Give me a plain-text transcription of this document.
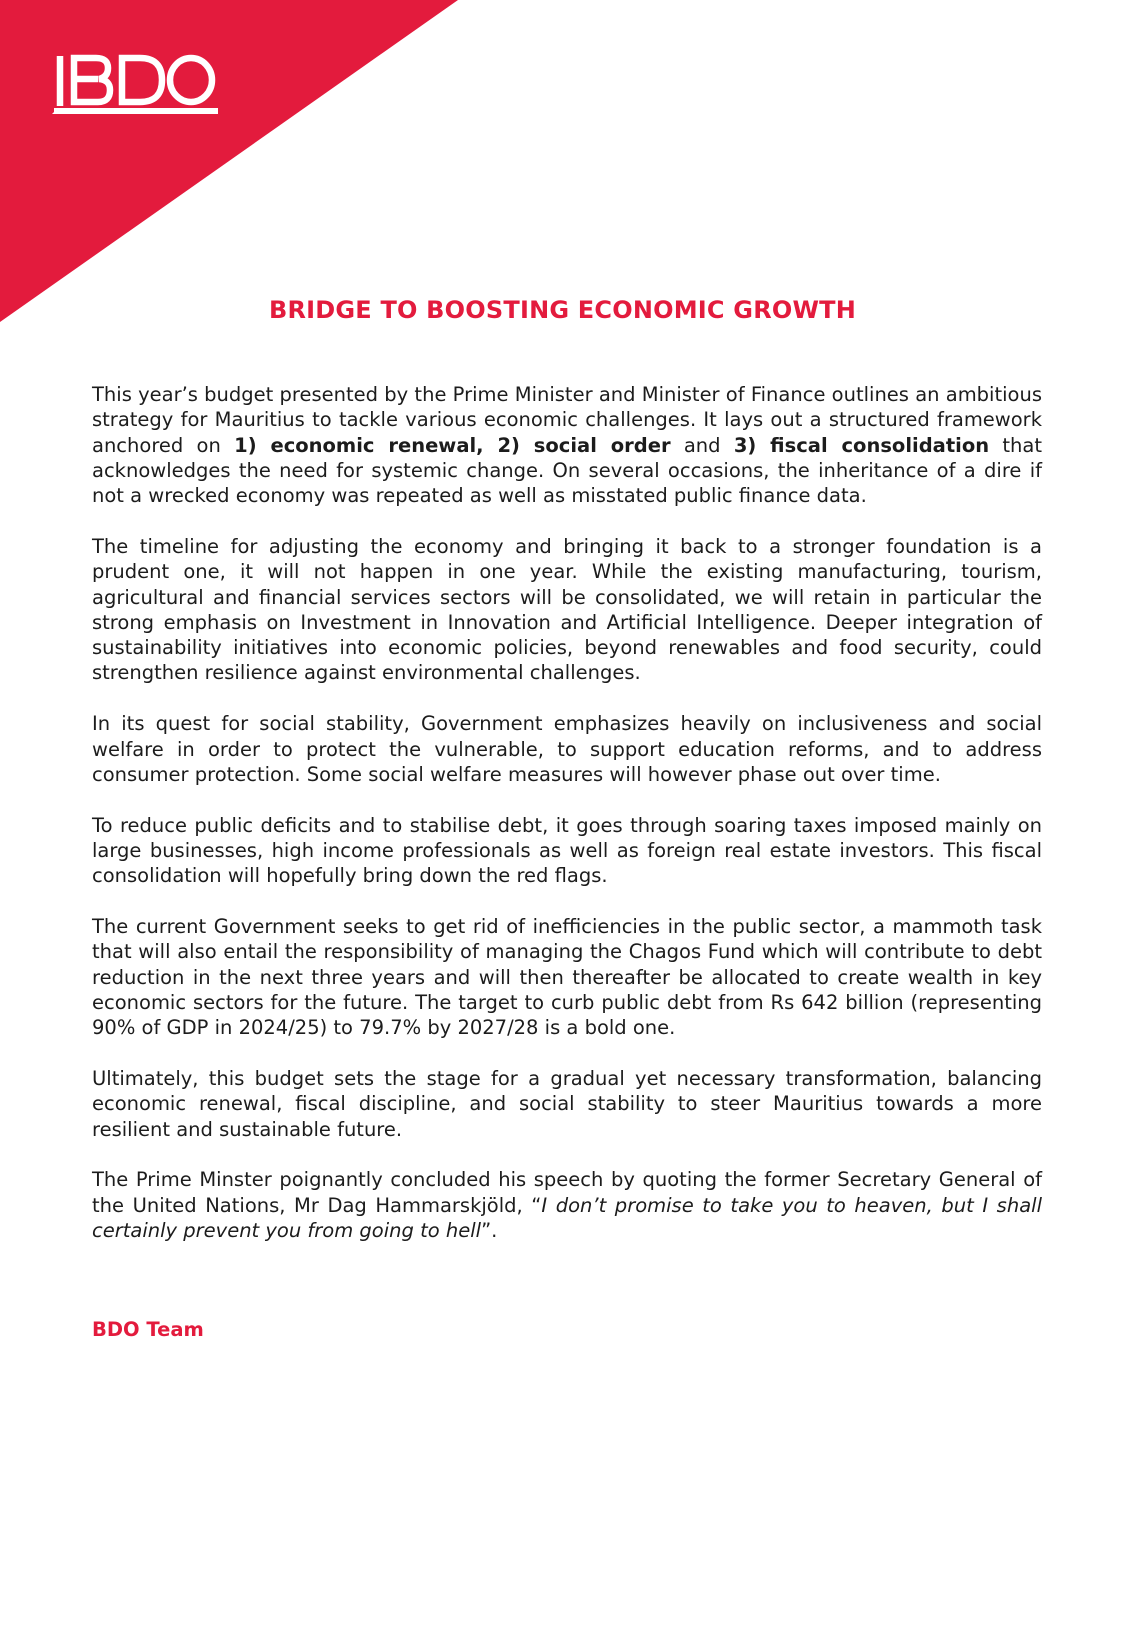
BRIDGE TO BOOSTING ECONOMIC GROWTH

This year’s budget presented by the Prime Minister and Minister of Finance outlines an ambitious strategy for Mauritius to tackle various economic challenges. It lays out a structured framework anchored on 1) economic renewal, 2) social order and 3) fiscal consolidation that acknowledges the need for systemic change. On several occasions, the inheritance of a dire if not a wrecked economy was repeated as well as misstated public finance data.

The timeline for adjusting the economy and bringing it back to a stronger foundation is a prudent one, it will not happen in one year. While the existing manufacturing, tourism, agricultural and financial services sectors will be consolidated, we will retain in particular the strong emphasis on Investment in Innovation and Artificial Intelligence. Deeper integration of sustainability initiatives into economic policies, beyond renewables and food security, could strengthen resilience against environmental challenges.

In its quest for social stability, Government emphasizes heavily on inclusiveness and social welfare in order to protect the vulnerable, to support education reforms, and to address consumer protection. Some social welfare measures will however phase out over time.

To reduce public deficits and to stabilise debt, it goes through soaring taxes imposed mainly on large businesses, high income professionals as well as foreign real estate investors. This fiscal consolidation will hopefully bring down the red flags.

The current Government seeks to get rid of inefficiencies in the public sector, a mammoth task that will also entail the responsibility of managing the Chagos Fund which will contribute to debt reduction in the next three years and will then thereafter be allocated to create wealth in key economic sectors for the future. The target to curb public debt from Rs 642 billion (representing 90% of GDP in 2024/25) to 79.7% by 2027/28 is a bold one.

Ultimately, this budget sets the stage for a gradual yet necessary transformation, balancing economic renewal, fiscal discipline, and social stability to steer Mauritius towards a more resilient and sustainable future.

The Prime Minster poignantly concluded his speech by quoting the former Secretary General of the United Nations, Mr Dag Hammarskjöld, “I don’t promise to take you to heaven, but I shall certainly prevent you from going to hell”.

BDO Team
